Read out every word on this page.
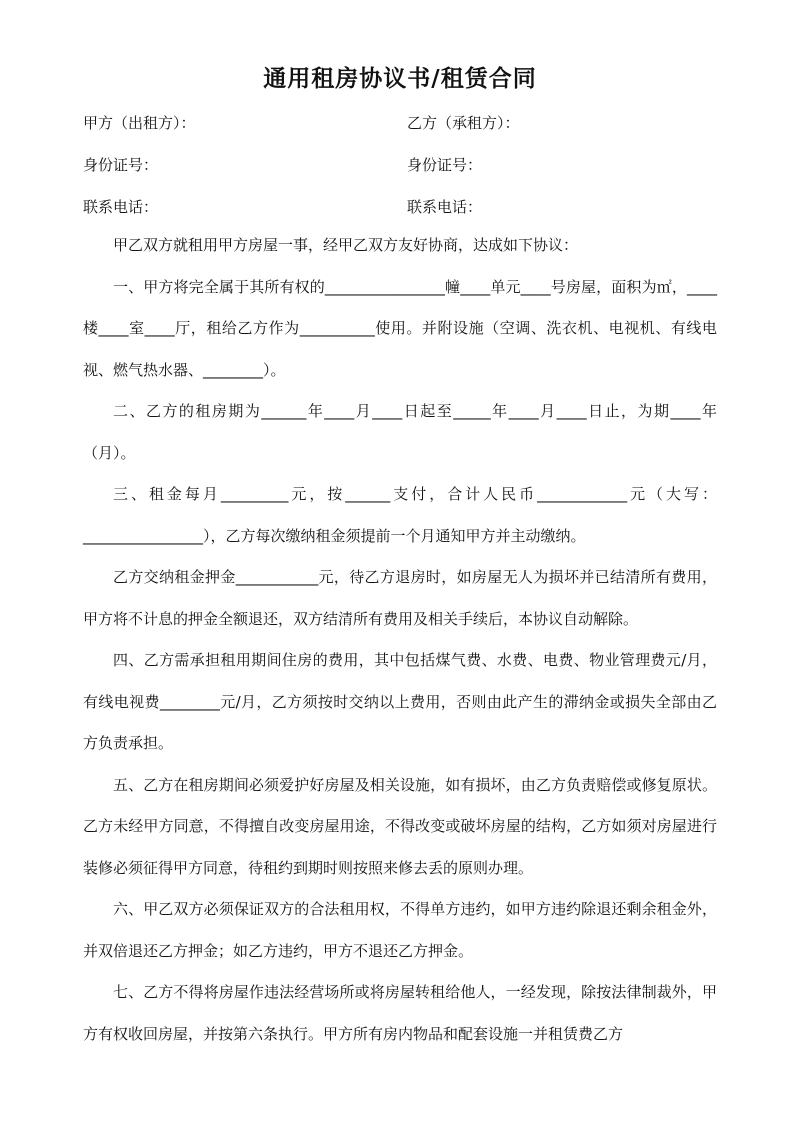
通用租房协议书/租赁合同
甲方（出租方）：	乙方（承租方）：
身份证号：	身份证号：
联系电话：	联系电话：

甲乙双方就租用甲方房屋一事，经甲乙双方友好协商，达成如下协议：

一、甲方将完全属于其所有权的________________幢____单元____号房屋，面积为㎡，____楼____室____厅，租给乙方作为__________使用。并附设施（空调、洗衣机、电视机、有线电视、燃气热水器、________）。

二、乙方的租房期为______年____月____日起至_____年____月____日止，为期____年（月）。

三、租金每月_________元，按______支付，合计人民币____________元（大写：________________），乙方每次缴纳租金须提前一个月通知甲方并主动缴纳。

乙方交纳租金押金___________元，待乙方退房时，如房屋无人为损坏并已结清所有费用，甲方将不计息的押金全额退还，双方结清所有费用及相关手续后，本协议自动解除。

四、乙方需承担租用期间住房的费用，其中包括煤气费、水费、电费、物业管理费元/月，有线电视费________元/月，乙方须按时交纳以上费用，否则由此产生的滞纳金或损失全部由乙方负责承担。

五、乙方在租房期间必须爱护好房屋及相关设施，如有损坏，由乙方负责赔偿或修复原状。乙方未经甲方同意，不得擅自改变房屋用途，不得改变或破坏房屋的结构，乙方如须对房屋进行装修必须征得甲方同意，待租约到期时则按照来修去丢的原则办理。

六、甲乙双方必须保证双方的合法租用权，不得单方违约，如甲方违约除退还剩余租金外，并双倍退还乙方押金；如乙方违约，甲方不退还乙方押金。

七、乙方不得将房屋作违法经营场所或将房屋转租给他人，一经发现，除按法律制裁外，甲方有权收回房屋，并按第六条执行。甲方所有房内物品和配套设施一并租赁费乙方
